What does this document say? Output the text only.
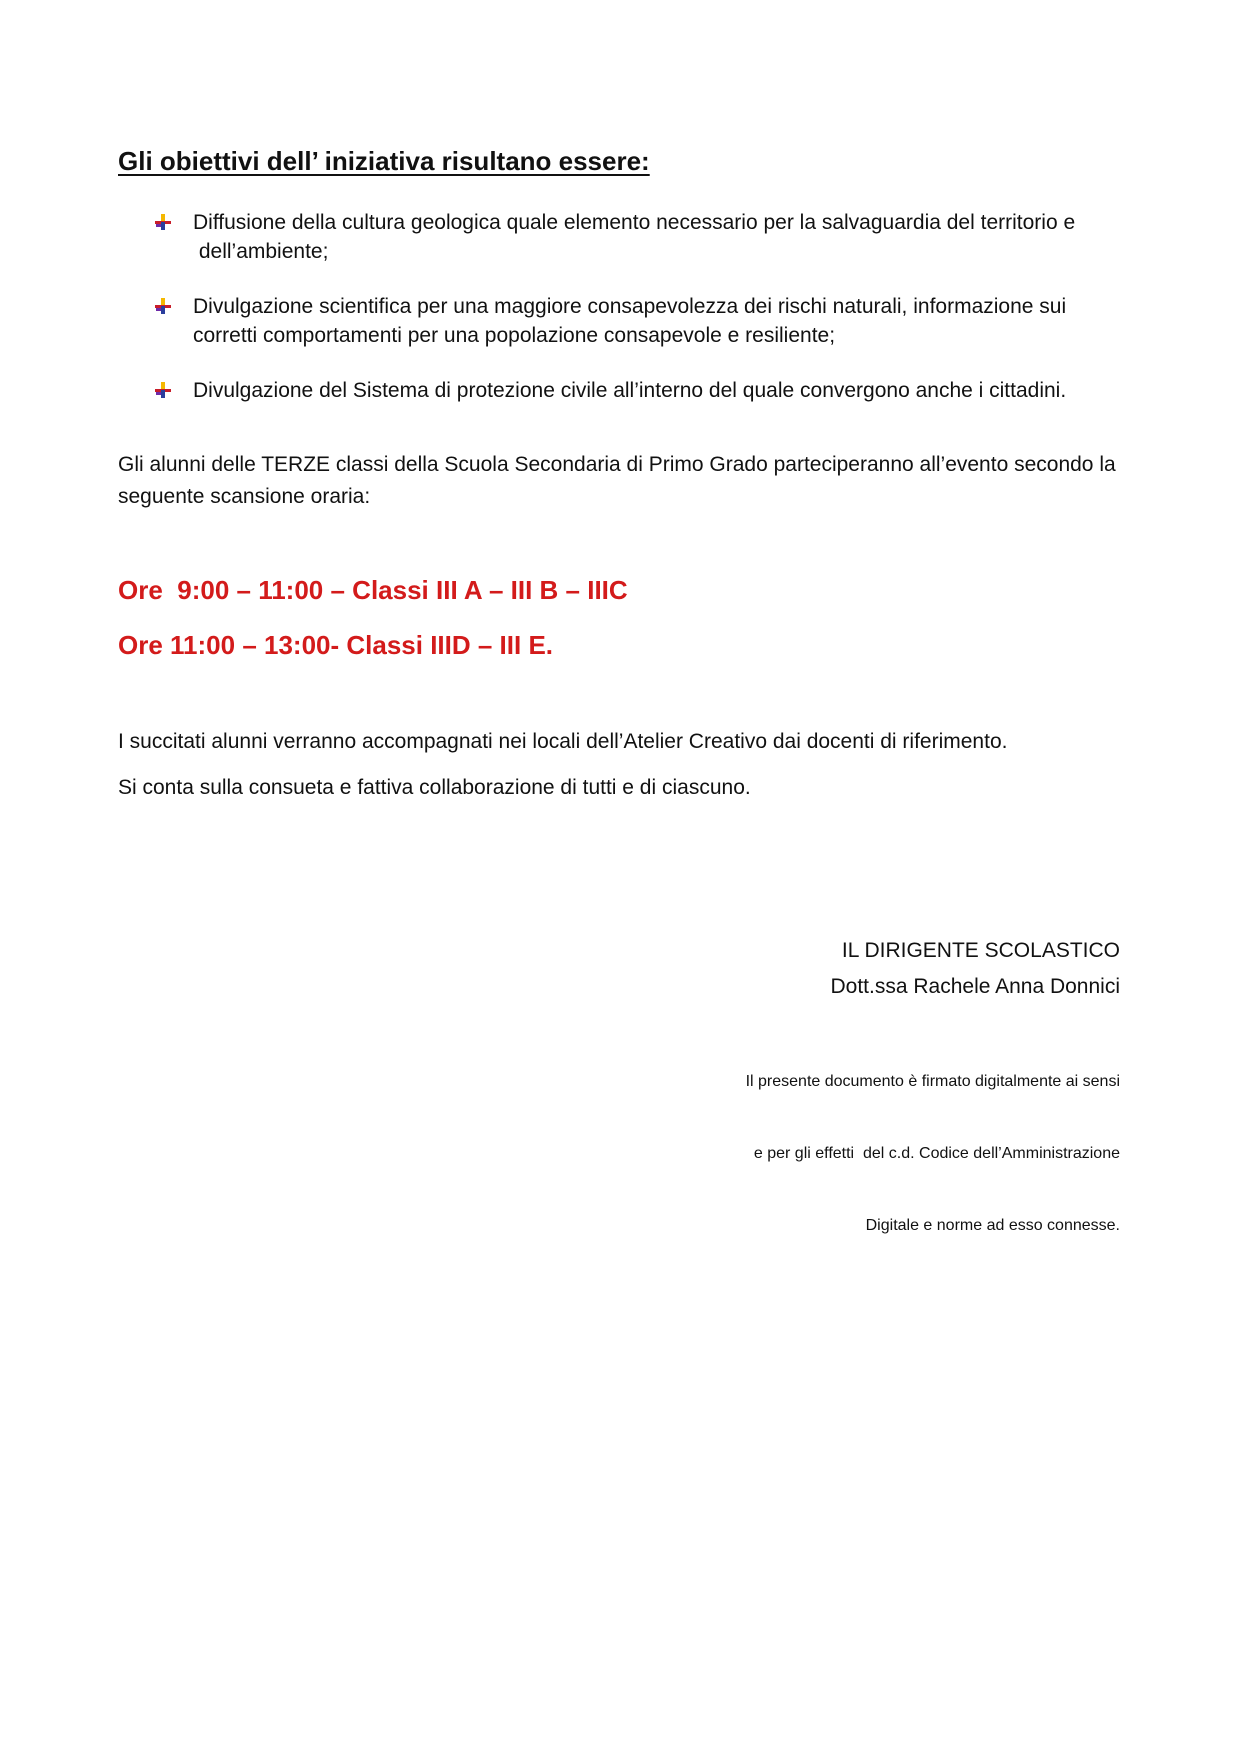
Gli obiettivi dell’ iniziativa risultano essere:
Diffusione della cultura geologica quale elemento necessario per la salvaguardia del territorio e
dell’ambiente;
Divulgazione scientifica per una maggiore consapevolezza dei rischi naturali, informazione sui
corretti comportamenti per una popolazione consapevole e resiliente;
Divulgazione del Sistema di protezione civile all’interno del quale convergono anche i cittadini.

Gli alunni delle TERZE classi della Scuola Secondaria di Primo Grado parteciperanno all’evento secondo la seguente scansione oraria:

Ore  9:00 – 11:00 – Classi III A – III B – IIIC

Ore 11:00 – 13:00- Classi IIID – III E.

I succitati alunni verranno accompagnati nei locali dell’Atelier Creativo dai docenti di riferimento.

Si conta sulla consueta e fattiva collaborazione di tutti e di ciascuno.

IL DIRIGENTE SCOLASTICO
Dott.ssa Rachele Anna Donnici

Il presente documento è firmato digitalmente ai sensi

e per gli effetti  del c.d. Codice dell’Amministrazione

Digitale e norme ad esso connesse.
